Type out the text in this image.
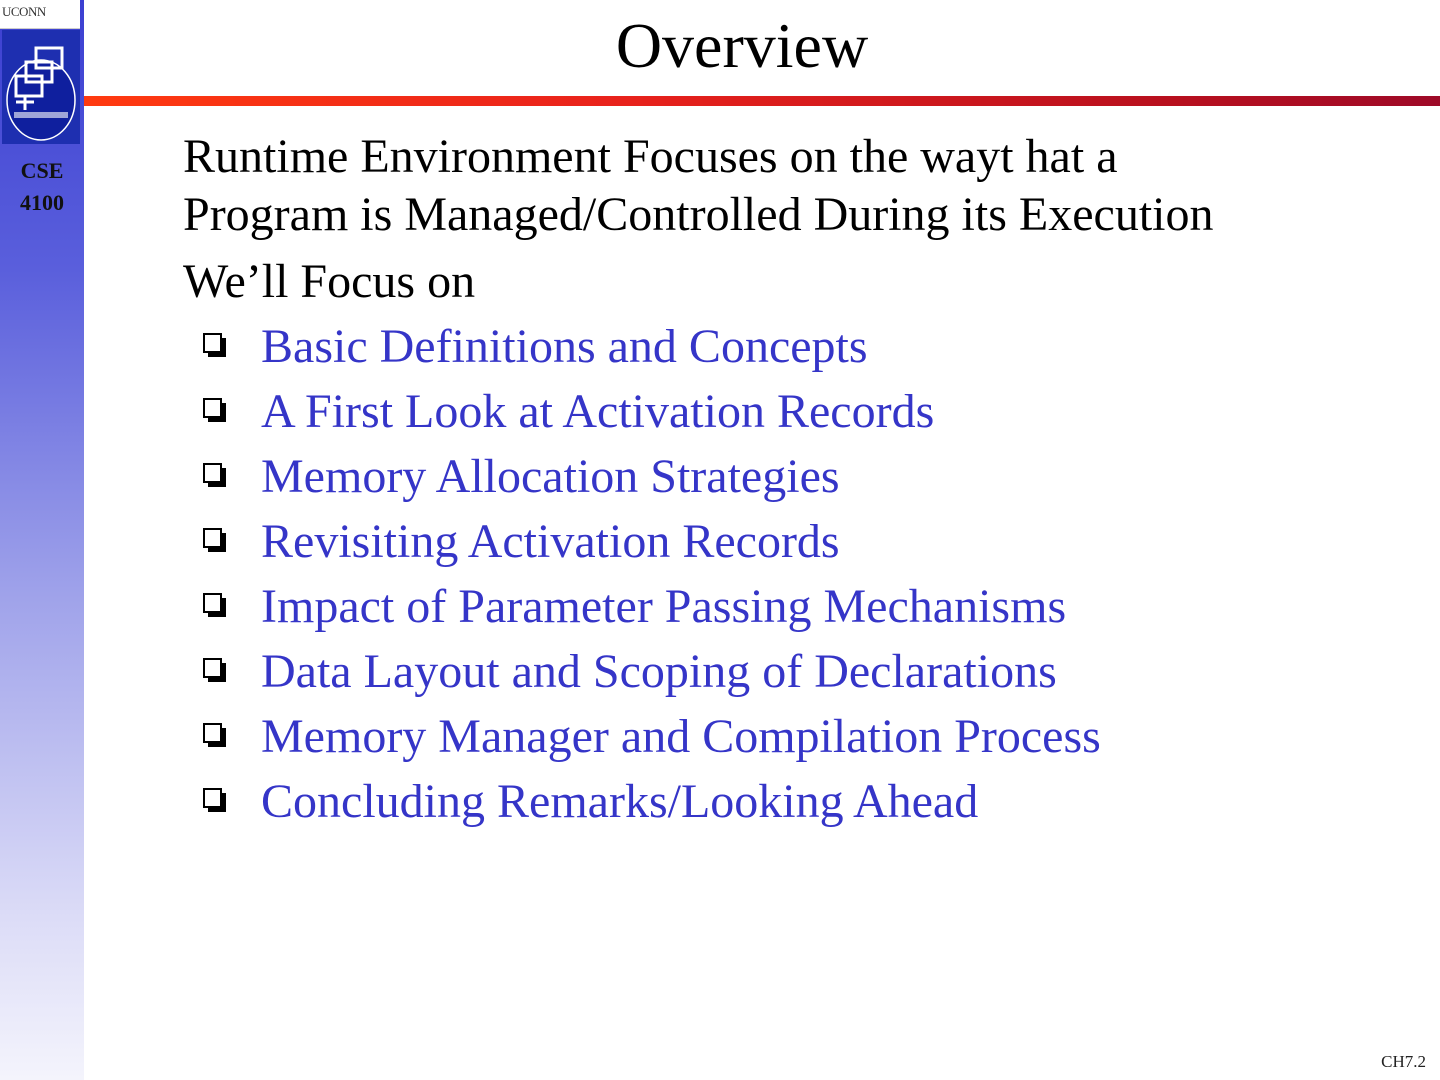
UCONN
CSE
4100
Overview
Runtime Environment Focuses on the wayt hat a
Program is Managed/Controlled During its Execution
We’ll Focus on
Basic Definitions and Concepts
A First Look at Activation Records
Memory Allocation Strategies
Revisiting Activation Records
Impact of Parameter Passing Mechanisms
Data Layout and Scoping of Declarations
Memory Manager and Compilation Process
Concluding Remarks/Looking Ahead
CH7.2
